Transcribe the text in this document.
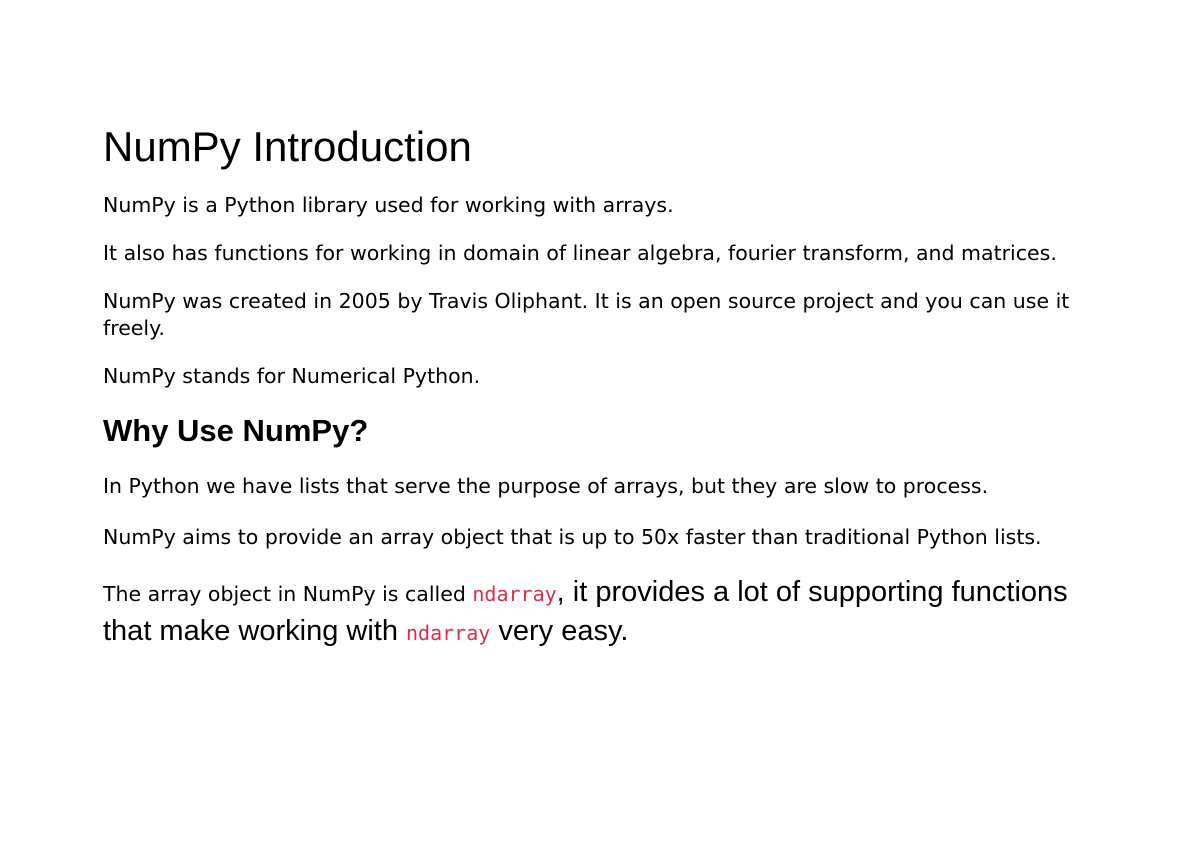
NumPy Introduction

NumPy is a Python library used for working with arrays.

It also has functions for working in domain of linear algebra, fourier transform, and matrices.

NumPy was created in 2005 by Travis Oliphant. It is an open source project and you can use it freely.

NumPy stands for Numerical Python.

Why Use NumPy?

In Python we have lists that serve the purpose of arrays, but they are slow to process.

NumPy aims to provide an array object that is up to 50x faster than traditional Python lists.

The array object in NumPy is called ndarray, it provides a lot of supporting functions that make working with ndarray very easy.
